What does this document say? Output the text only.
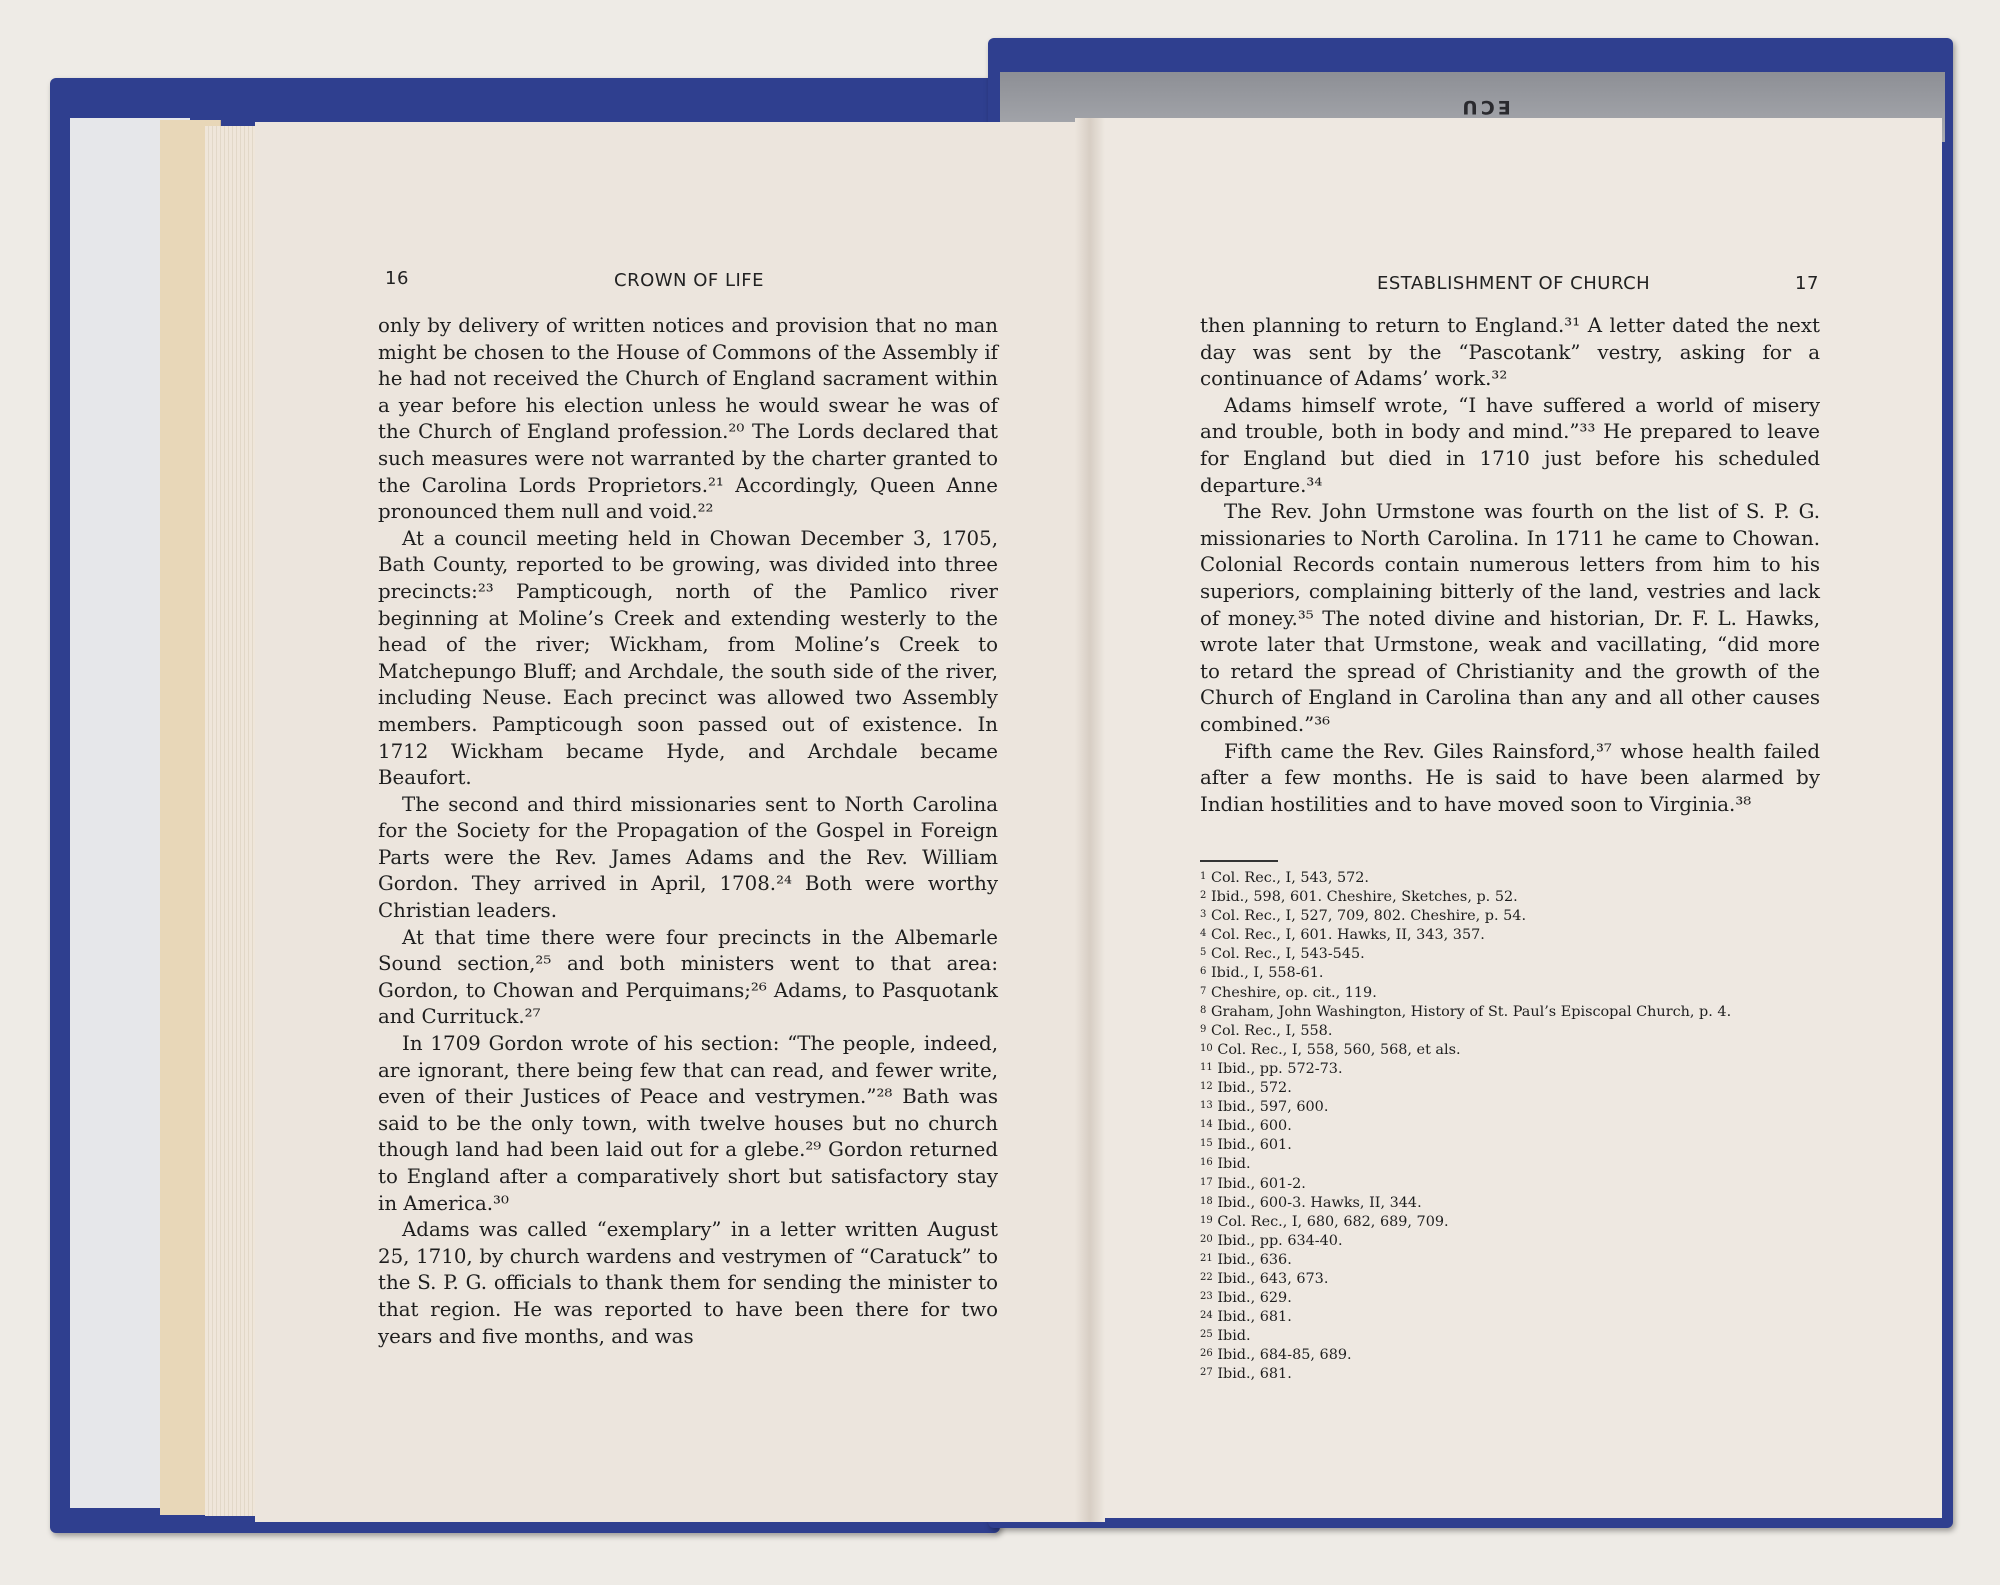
ECU
16	CROWN OF LIFE	ESTABLISHMENT OF CHURCH	17

only by delivery of written notices and provision that no man might be chosen to the House of Commons of the Assembly if he had not received the Church of England sacrament within a year before his election unless he would swear he was of the Church of England profession.²⁰ The Lords declared that such measures were not warranted by the charter granted to the Carolina Lords Proprietors.²¹ Accordingly, Queen Anne pronounced them null and void.²²

At a council meeting held in Chowan December 3, 1705, Bath County, reported to be growing, was divided into three precincts:²³ Pampticough, north of the Pamlico river beginning at Moline’s Creek and extending westerly to the head of the river; Wickham, from Moline’s Creek to Matchepungo Bluff; and Archdale, the south side of the river, including Neuse. Each precinct was allowed two Assembly members. Pampticough soon passed out of existence. In 1712 Wickham became Hyde, and Archdale became Beaufort.

The second and third missionaries sent to North Carolina for the Society for the Propagation of the Gospel in Foreign Parts were the Rev. James Adams and the Rev. William Gordon. They arrived in April, 1708.²⁴ Both were worthy Christian leaders.

At that time there were four precincts in the Albemarle Sound section,²⁵ and both ministers went to that area: Gordon, to Chowan and Perquimans;²⁶ Adams, to Pasquotank and Currituck.²⁷

In 1709 Gordon wrote of his section: “The people, indeed, are ignorant, there being few that can read, and fewer write, even of their Justices of Peace and vestrymen.”²⁸ Bath was said to be the only town, with twelve houses but no church though land had been laid out for a glebe.²⁹ Gordon returned to England after a comparatively short but satisfactory stay in America.³⁰

Adams was called “exemplary” in a letter written August 25, 1710, by church wardens and vestrymen of “Caratuck” to the S. P. G. officials to thank them for sending the minister to that region. He was reported to have been there for two years and five months, and was

then planning to return to England.³¹ A letter dated the next day was sent by the “Pascotank” vestry, asking for a continuance of Adams’ work.³²

Adams himself wrote, “I have suffered a world of misery and trouble, both in body and mind.”³³ He prepared to leave for England but died in 1710 just before his scheduled departure.³⁴

The Rev. John Urmstone was fourth on the list of S. P. G. missionaries to North Carolina. In 1711 he came to Chowan. Colonial Records contain numerous letters from him to his superiors, complaining bitterly of the land, vestries and lack of money.³⁵ The noted divine and historian, Dr. F. L. Hawks, wrote later that Urmstone, weak and vacillating, “did more to retard the spread of Christianity and the growth of the Church of England in Carolina than any and all other causes combined.”³⁶

Fifth came the Rev. Giles Rainsford,³⁷ whose health failed after a few months. He is said to have been alarmed by Indian hostilities and to have moved soon to Virginia.³⁸

$^1$ Col. Rec., I, 543, 572.
$^2$ Ibid., 598, 601. Cheshire, Sketches, p. 52.
$^3$ Col. Rec., I, 527, 709, 802. Cheshire, p. 54.
$^4$ Col. Rec., I, 601. Hawks, II, 343, 357.
$^5$ Col. Rec., I, 543-545.
$^6$ Ibid., I, 558-61.
$^7$ Cheshire, op. cit., 119.
$^8$ Graham, John Washington, History of St. Paul’s Episcopal Church, p. 4.
$^9$ Col. Rec., I, 558.
$^{10}$ Col. Rec., I, 558, 560, 568, et als.
$^{11}$ Ibid., pp. 572-73.
$^{12}$ Ibid., 572.
$^{13}$ Ibid., 597, 600.
$^{14}$ Ibid., 600.
$^{15}$ Ibid., 601.
$^{16}$ Ibid.
$^{17}$ Ibid., 601-2.
$^{18}$ Ibid., 600-3. Hawks, II, 344.
$^{19}$ Col. Rec., I, 680, 682, 689, 709.
$^{20}$ Ibid., pp. 634-40.
$^{21}$ Ibid., 636.
$^{22}$ Ibid., 643, 673.
$^{23}$ Ibid., 629.
$^{24}$ Ibid., 681.
$^{25}$ Ibid.
$^{26}$ Ibid., 684-85, 689.
$^{27}$ Ibid., 681.
